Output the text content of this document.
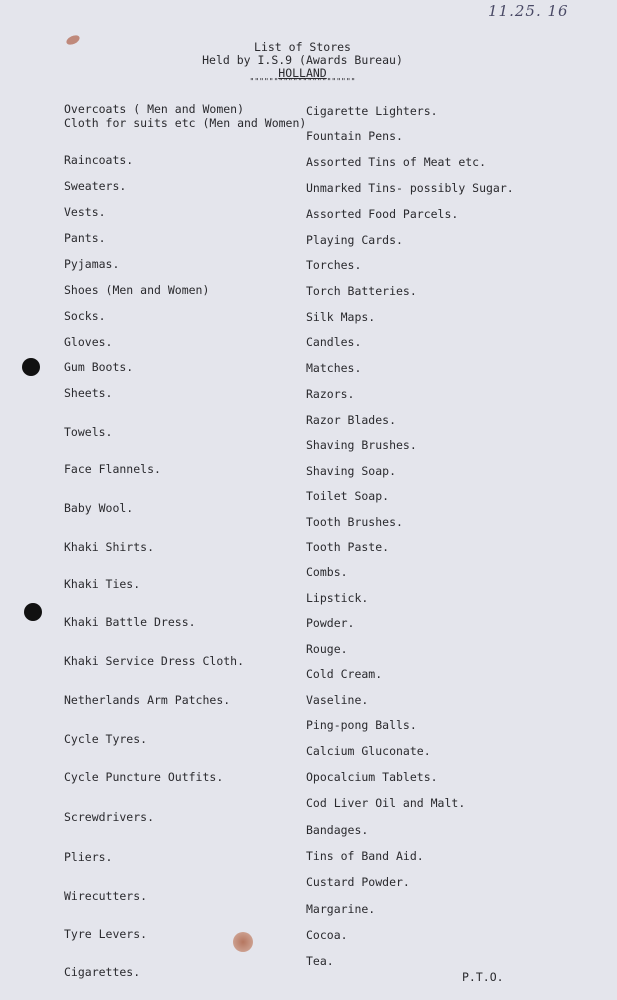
11.25. 16
List of Stores
Held by I.S.9 (Awards Bureau)
HOLLAND
""""""""""""""""""""""
Overcoats ( Men and Women)
Cloth for suits etc (Men and Women)
Raincoats.
Sweaters.
Vests.
Pants.
Pyjamas.
Shoes (Men and Women)
Socks.
Gloves.
Gum Boots.
Sheets.
Towels.
Face Flannels.
Baby Wool.
Khaki Shirts.
Khaki Ties.
Khaki Battle Dress.
Khaki Service Dress Cloth.
Netherlands Arm Patches.
Cycle Tyres.
Cycle Puncture Outfits.
Screwdrivers.
Pliers.
Wirecutters.
Tyre Levers.
Cigarettes.
Cigarette Lighters.
Fountain Pens.
Assorted Tins of Meat etc.
Unmarked Tins- possibly Sugar.
Assorted Food Parcels.
Playing Cards.
Torches.
Torch Batteries.
Silk Maps.
Candles.
Matches.
Razors.
Razor Blades.
Shaving Brushes.
Shaving Soap.
Toilet Soap.
Tooth Brushes.
Tooth Paste.
Combs.
Lipstick.
Powder.
Rouge.
Cold Cream.
Vaseline.
Ping-pong Balls.
Calcium Gluconate.
Opocalcium Tablets.
Cod Liver Oil and Malt.
Bandages.
Tins of Band Aid.
Custard Powder.
Margarine.
Cocoa.
Tea.
P.T.O.
